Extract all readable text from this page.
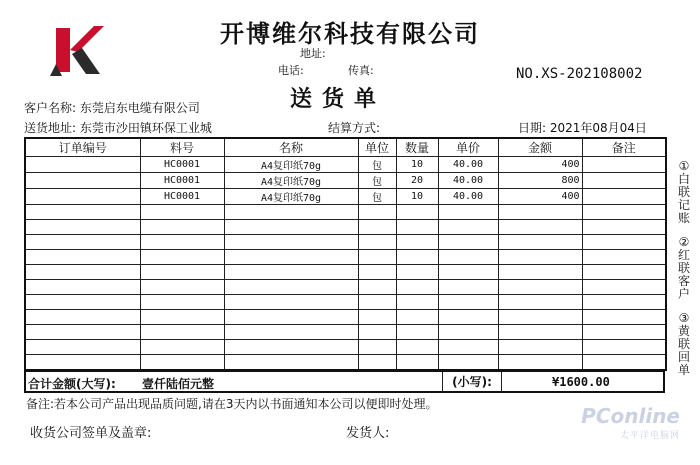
开博维尔科技有限公司
地址:
电话:	传真:	NO.XS-202108002
送货单
客户名称: 东莞启东电缆有限公司
送货地址: 东莞市沙田镇环保工业城	结算方式:	日期: 2021年08月04日
订单编号	料号	名称	单位	数量	单价	金额	备注
	HC0001	A4复印纸70g	包	10	40.00	400	
	HC0001	A4复印纸70g	包	20	40.00	800	
	HC0001	A4复印纸70g	包	10	40.00	400	

合计金额(大写): 壹仟陆佰元整	(小写):	¥1600.00
备注:若本公司产品出现品质问题,请在3天内以书面通知本公司以便即时处理。
收货公司签单及盖章:	发货人:
①白联记账
②红联客户
③黄联回单
PConline
太平洋电脑网
